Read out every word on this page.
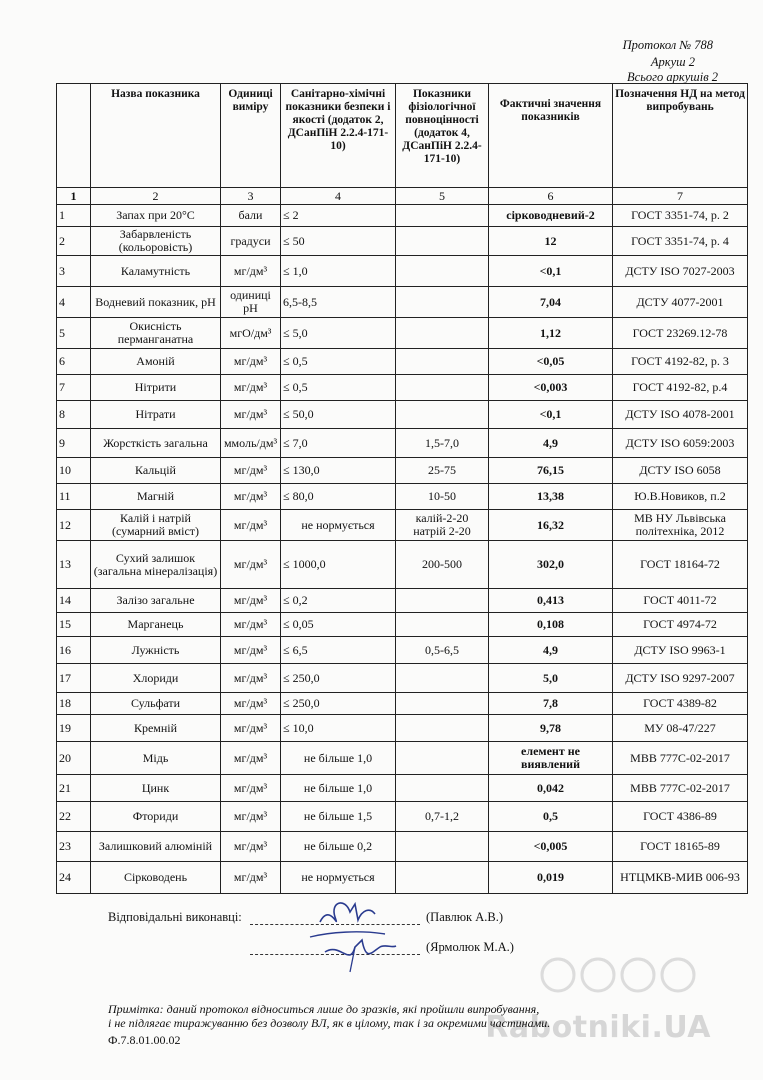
Протокол № 788
Аркуш 2
Всього аркушів 2
	Назва показника	Одиниці виміру	Санітарно-хімічні показники безпеки і якості (додаток 2, ДСанПіН 2.2.4-171-10)	Показники фізіологічної повноцінності (додаток 4, ДСанПіН 2.2.4-171-10)	Фактичні значення показників	Позначення НД на метод випробувань
1	2	3	4	5	6	7
1	Запах при 20°С	бали	≤ 2		сірководневий-2	ГОСТ 3351-74, р. 2
2	Забарвленість (кольоровість)	градуси	≤ 50		12	ГОСТ 3351-74, р. 4
3	Каламутність	мг/дм³	≤ 1,0		<0,1	ДСТУ ISO 7027-2003
4	Водневий показник, pH	одиниці pH	6,5-8,5		7,04	ДСТУ 4077-2001
5	Окисність перманганатна	мгО/дм³	≤ 5,0		1,12	ГОСТ 23269.12-78
6	Амоній	мг/дм³	≤ 0,5		<0,05	ГОСТ 4192-82, р. 3
7	Нітрити	мг/дм³	≤ 0,5		<0,003	ГОСТ 4192-82, р.4
8	Нітрати	мг/дм³	≤ 50,0		<0,1	ДСТУ ISO 4078-2001
9	Жорсткість загальна	ммоль/дм³	≤ 7,0	1,5-7,0	4,9	ДСТУ ISO 6059:2003
10	Кальцій	мг/дм³	≤ 130,0	25-75	76,15	ДСТУ ISO 6058
11	Магній	мг/дм³	≤ 80,0	10-50	13,38	Ю.В.Новиков, п.2
12	Калій і натрій (сумарний вміст)	мг/дм³	не нормується	калій-2-20 натрій 2-20	16,32	МВ НУ Львівська політехніка, 2012
13	Сухий залишок (загальна мінералізація)	мг/дм³	≤ 1000,0	200-500	302,0	ГОСТ 18164-72
14	Залізо загальне	мг/дм³	≤ 0,2		0,413	ГОСТ 4011-72
15	Марганець	мг/дм³	≤ 0,05		0,108	ГОСТ 4974-72
16	Лужність	мг/дм³	≤ 6,5	0,5-6,5	4,9	ДСТУ ISO 9963-1
17	Хлориди	мг/дм³	≤ 250,0		5,0	ДСТУ ISO 9297-2007
18	Сульфати	мг/дм³	≤ 250,0		7,8	ГОСТ 4389-82
19	Кремній	мг/дм³	≤ 10,0		9,78	МУ 08-47/227
20	Мідь	мг/дм³	не більше 1,0		елемент не виявлений	МВВ 777С-02-2017
21	Цинк	мг/дм³	не більше 1,0		0,042	МВВ 777С-02-2017
22	Фториди	мг/дм³	не більше 1,5	0,7-1,2	0,5	ГОСТ 4386-89
23	Залишковий алюміній	мг/дм³	не більше 0,2		<0,005	ГОСТ 18165-89
24	Сірководень	мг/дм³	не нормується		0,019	НТЦМКВ-МИВ 006-93
Відповідальні виконавці:	(Павлюк А.В.)
(Ярмолюк М.А.)
Rabotniki.UA
Примітка: даний протокол відноситься лише до зразків, які пройшли випробування,
і не підлягає тиражуванню без дозволу ВЛ, як в цілому, так і за окремими частинами.
Ф.7.8.01.00.02
